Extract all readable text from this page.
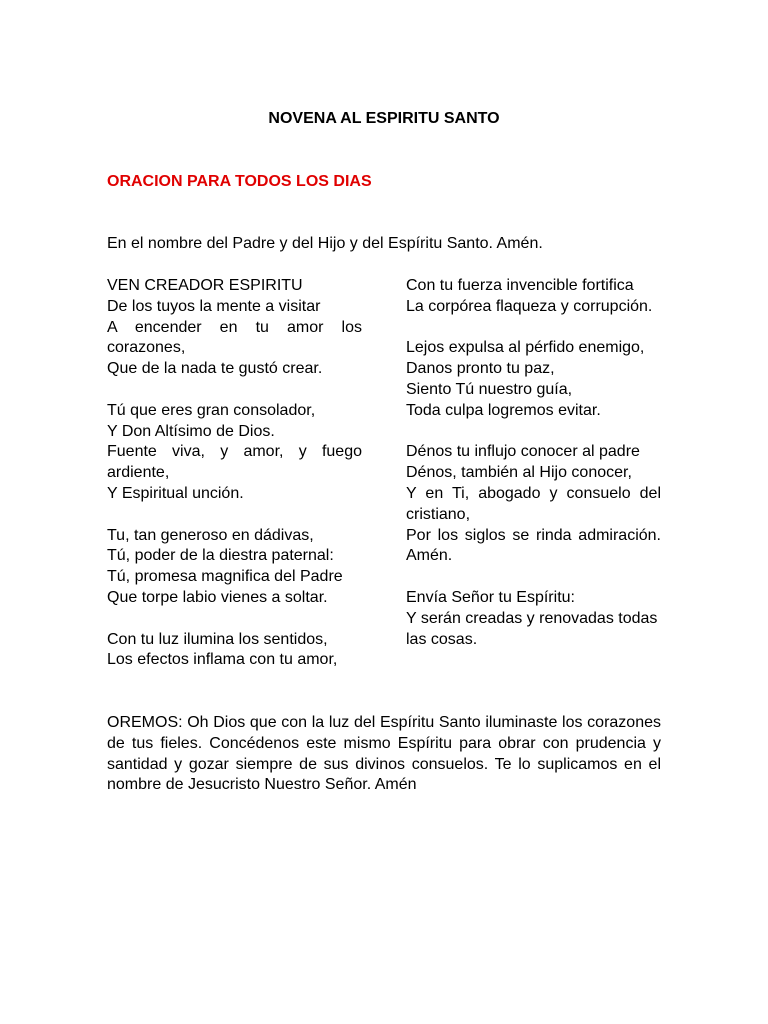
NOVENA AL ESPIRITU SANTO
ORACION PARA TODOS LOS DIAS
En el nombre del Padre y del Hijo y del Espíritu Santo. Amén.
VEN CREADOR ESPIRITU
De los tuyos la mente a visitar
A encender en tu amor los
corazones,
Que de la nada te gustó crear.
Tú que eres gran consolador,
Y Don Altísimo de Dios.
Fuente viva, y amor, y fuego
ardiente,
Y Espiritual unción.
Tu, tan generoso en dádivas,
Tú, poder de la diestra paternal:
Tú, promesa magnifica del Padre
Que torpe labio vienes a soltar.
Con tu luz ilumina los sentidos,
Los efectos inflama con tu amor,
Con tu fuerza invencible fortifica
La corpórea flaqueza y corrupción.
Lejos expulsa al pérfido enemigo,
Danos pronto tu paz,
Siento Tú nuestro guía,
Toda culpa logremos evitar.
Dénos tu influjo conocer al padre
Dénos, también al Hijo conocer,
Y en Ti, abogado y consuelo del
cristiano,
Por los siglos se rinda admiración.
Amén.
Envía Señor tu Espíritu:
Y serán creadas y renovadas todas
las cosas.
OREMOS: Oh Dios que con la luz del Espíritu Santo iluminaste los corazones de tus fieles. Concédenos este mismo Espíritu para obrar con prudencia y santidad y gozar siempre de sus divinos consuelos. Te lo suplicamos en el nombre de Jesucristo Nuestro Señor. Amén
